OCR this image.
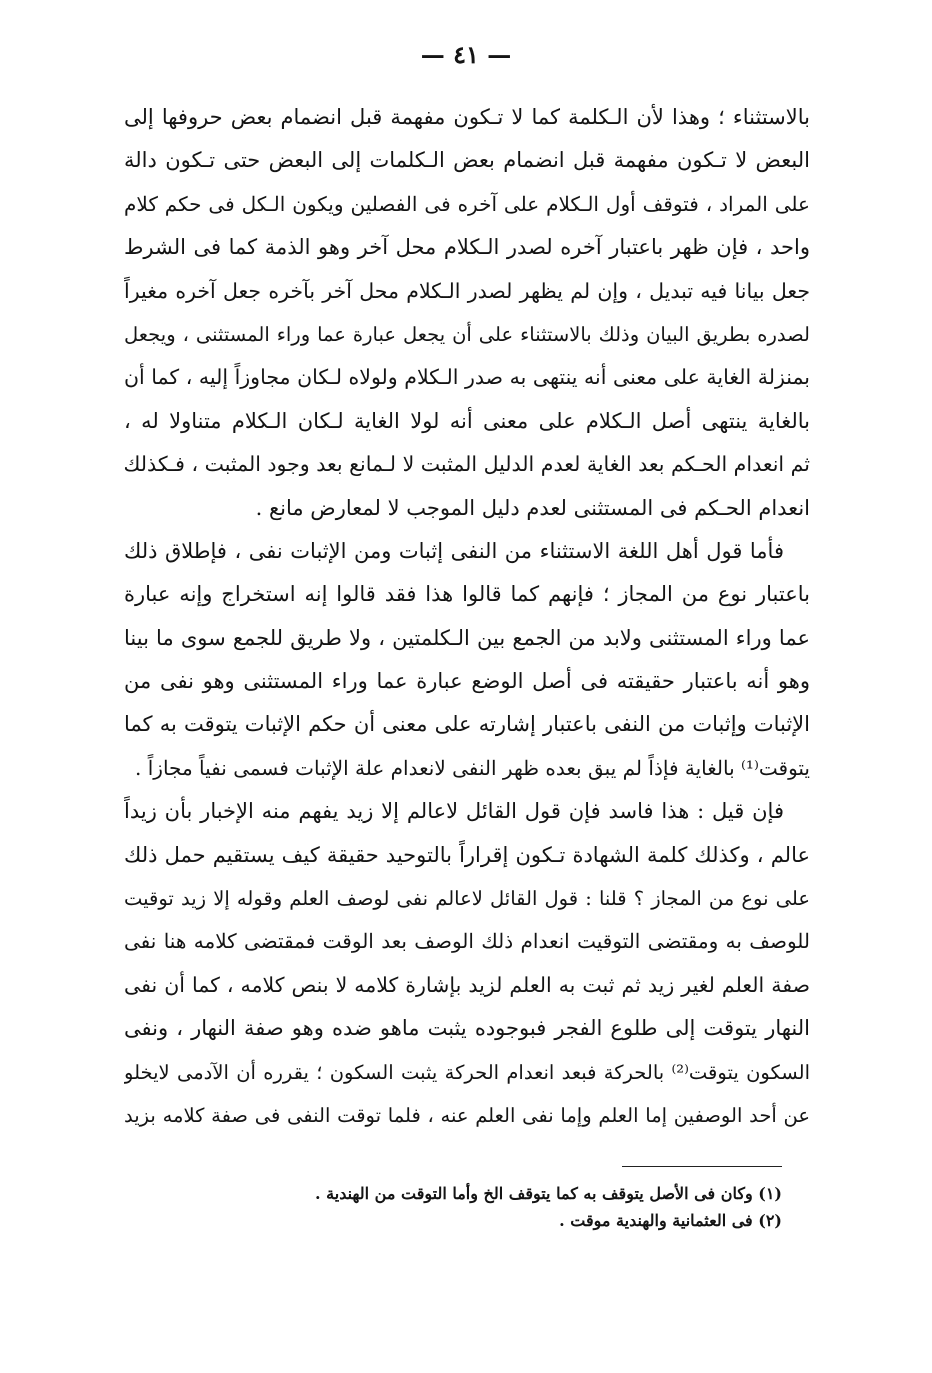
— ٤١ —
بالاستثناء ؛ وهذا لأن الـكلمة كما لا تـكون مفهمة قبل انضمام بعض حروفها إلى
البعض لا تـكون مفهمة قبل انضمام بعض الـكلمات إلى البعض حتى تـكون دالة
على المراد ، فتوقف أول الـكلام على آخره فى الفصلين ويكون الـكل فى حكم كلام
واحد ، فإن ظهر باعتبار آخره لصدر الـكلام محل آخر وهو الذمة كما فى الشرط
جعل بيانا فيه تبديل ، وإن لم يظهر لصدر الـكلام محل آخر بآخره جعل آخره مغيراً
لصدره بطريق البيان وذلك بالاستثناء على أن يجعل عبارة عما وراء المستثنى ، ويجعل
بمنزلة الغاية على معنى أنه ينتهى به صدر الـكلام ولولاه لـكان مجاوزاً إليه ، كما أن
بالغاية ينتهى أصل الـكلام على معنى أنه لولا الغاية لـكان الـكلام متناولا له ،
ثم انعدام الحـكم بعد الغاية لعدم الدليل المثبت لا لـمانع بعد وجود المثبت ، فـكذلك
انعدام الحـكم فى المستثنى لعدم دليل الموجب لا لمعارض مانع .
فأما قول أهل اللغة الاستثناء من النفى إثبات ومن الإثبات نفى ، فإطلاق ذلك
باعتبار نوع من المجاز ؛ فإنهم كما قالوا هذا فقد قالوا إنه استخراج وإنه عبارة
عما وراء المستثنى ولابد من الجمع بين الـكلمتين ، ولا طريق للجمع سوى ما بينا
وهو أنه باعتبار حقيقته فى أصل الوضع عبارة عما وراء المستثنى وهو نفى من
الإثبات وإثبات من النفى باعتبار إشارته على معنى أن حكم الإثبات يتوقت به كما
يتوقت⁽¹⁾ بالغاية فإذاً لم يبق بعده ظهر النفى لانعدام علة الإثبات فسمى نفياً مجازاً .
فإن قيل : هذا فاسد فإن قول القائل لاعالم إلا زيد يفهم منه الإخبار بأن زيداً
عالم ، وكذلك كلمة الشهادة تـكون إقراراً بالتوحيد حقيقة كيف يستقيم حمل ذلك
على نوع من المجاز ؟ قلنا : قول القائل لاعالم نفى لوصف العلم وقوله إلا زيد توقيت
للوصف به ومقتضى التوقيت انعدام ذلك الوصف بعد الوقت فمقتضى كلامه هنا نفى
صفة العلم لغير زيد ثم ثبت به العلم لزيد بإشارة كلامه لا بنص كلامه ، كما أن نفى
النهار يتوقت إلى طلوع الفجر فبوجوده يثبت ماهو ضده وهو صفة النهار ، ونفى
السكون يتوقت⁽²⁾ بالحركة فبعد انعدام الحركة يثبت السكون ؛ يقرره أن الآدمى لايخلو
عن أحد الوصفين إما العلم وإما نفى العلم عنه ، فلما توقت النفى فى صفة كلامه بزيد
(١) وكان فى الأصل يتوقف به كما يتوقف الخ وأما التوقت من الهندية .
(٢) فى العثمانية والهندية موقت .
